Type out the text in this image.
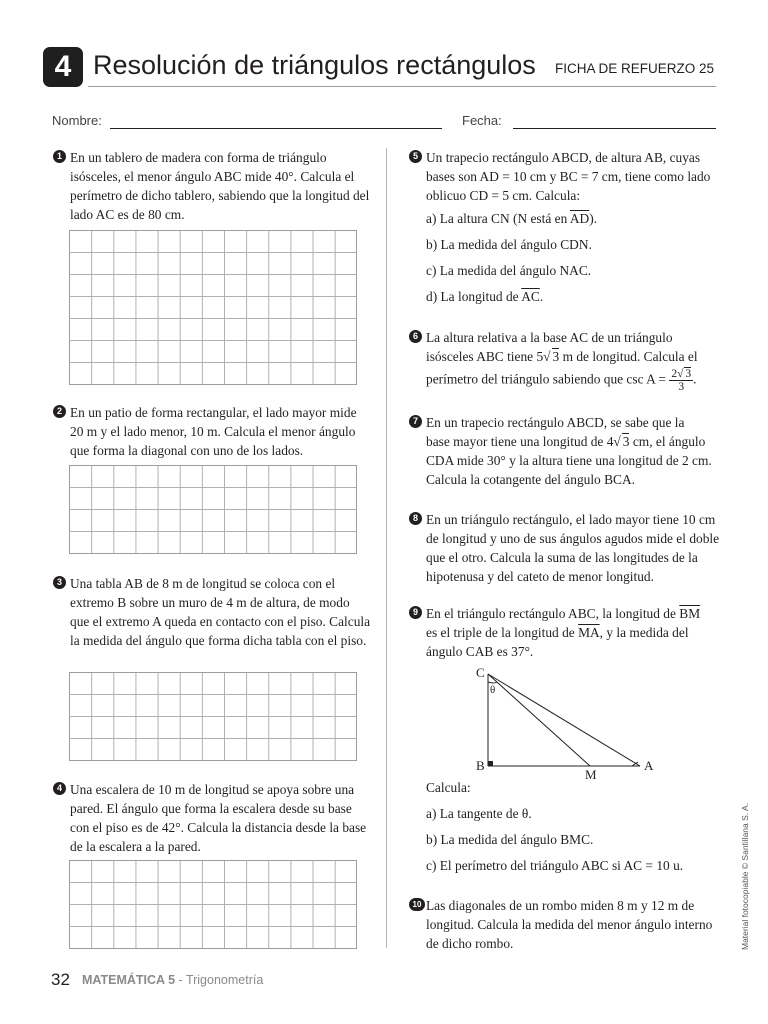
4 Resolución de triángulos rectángulos FICHA DE REFUERZO 25
Nombre:	Fecha:
1 En un tablero de madera con forma de triángulo isósceles, el menor ángulo ABC mide 40°. Calcula el perímetro de dicho tablero, sabiendo que la longitud del lado AC es de 80 cm.
2 En un patio de forma rectangular, el lado mayor mide 20 m y el lado menor, 10 m. Calcula el menor ángulo que forma la diagonal con uno de los lados.
3 Una tabla AB de 8 m de longitud se coloca con el extremo B sobre un muro de 4 m de altura, de modo que el extremo A queda en contacto con el piso. Calcula la medida del ángulo que forma dicha tabla con el piso.
4 Una escalera de 10 m de longitud se apoya sobre una pared. El ángulo que forma la escalera desde su base con el piso es de 42°. Calcula la distancia desde la base de la escalera a la pared.
5 Un trapecio rectángulo ABCD, de altura AB, cuyas bases son AD = 10 cm y BC = 7 cm, tiene como lado oblicuo CD = 5 cm. Calcula:
a) La altura CN (N está en $\overline{AD}$).
b) La medida del ángulo CDN.
c) La medida del ángulo NAC.
d) La longitud de $\overline{AC}$.
6 La altura relativa a la base AC de un triángulo
isósceles ABC tiene 5√ 3 m de longitud. Calcula el
perímetro del triángulo sabiendo que $\csc A = \frac{2√ 3}{3}$ .
7 En un trapecio rectángulo ABCD, se sabe que la
base mayor tiene una longitud de 4√ 3 cm, el ángulo
CDA mide 30° y la altura tiene una longitud de 2 cm.
Calcula la cotangente del ángulo BCA.
8 En un triángulo rectángulo, el lado mayor tiene 10 cm de longitud y uno de sus ángulos agudos mide el doble que el otro. Calcula la suma de las longitudes de la hipotenusa y del cateto de menor longitud.
9 En el triángulo rectángulo ABC, la longitud de $\overline{BM}$
es el triple de la longitud de $\overline{MA}$, y la medida del
ángulo CAB es 37°.
C
B
M
A
θ
Calcula:
a) La tangente de θ.
b) La medida del ángulo BMC.
c) El perímetro del triángulo ABC si AC = 10 u.
10 Las diagonales de un rombo miden 8 m y 12 m de longitud. Calcula la medida del menor ángulo interno de dicho rombo.
32 MATEMÁTICA 5 - Trigonometría
Material fotocopiable © Santillana S. A.
